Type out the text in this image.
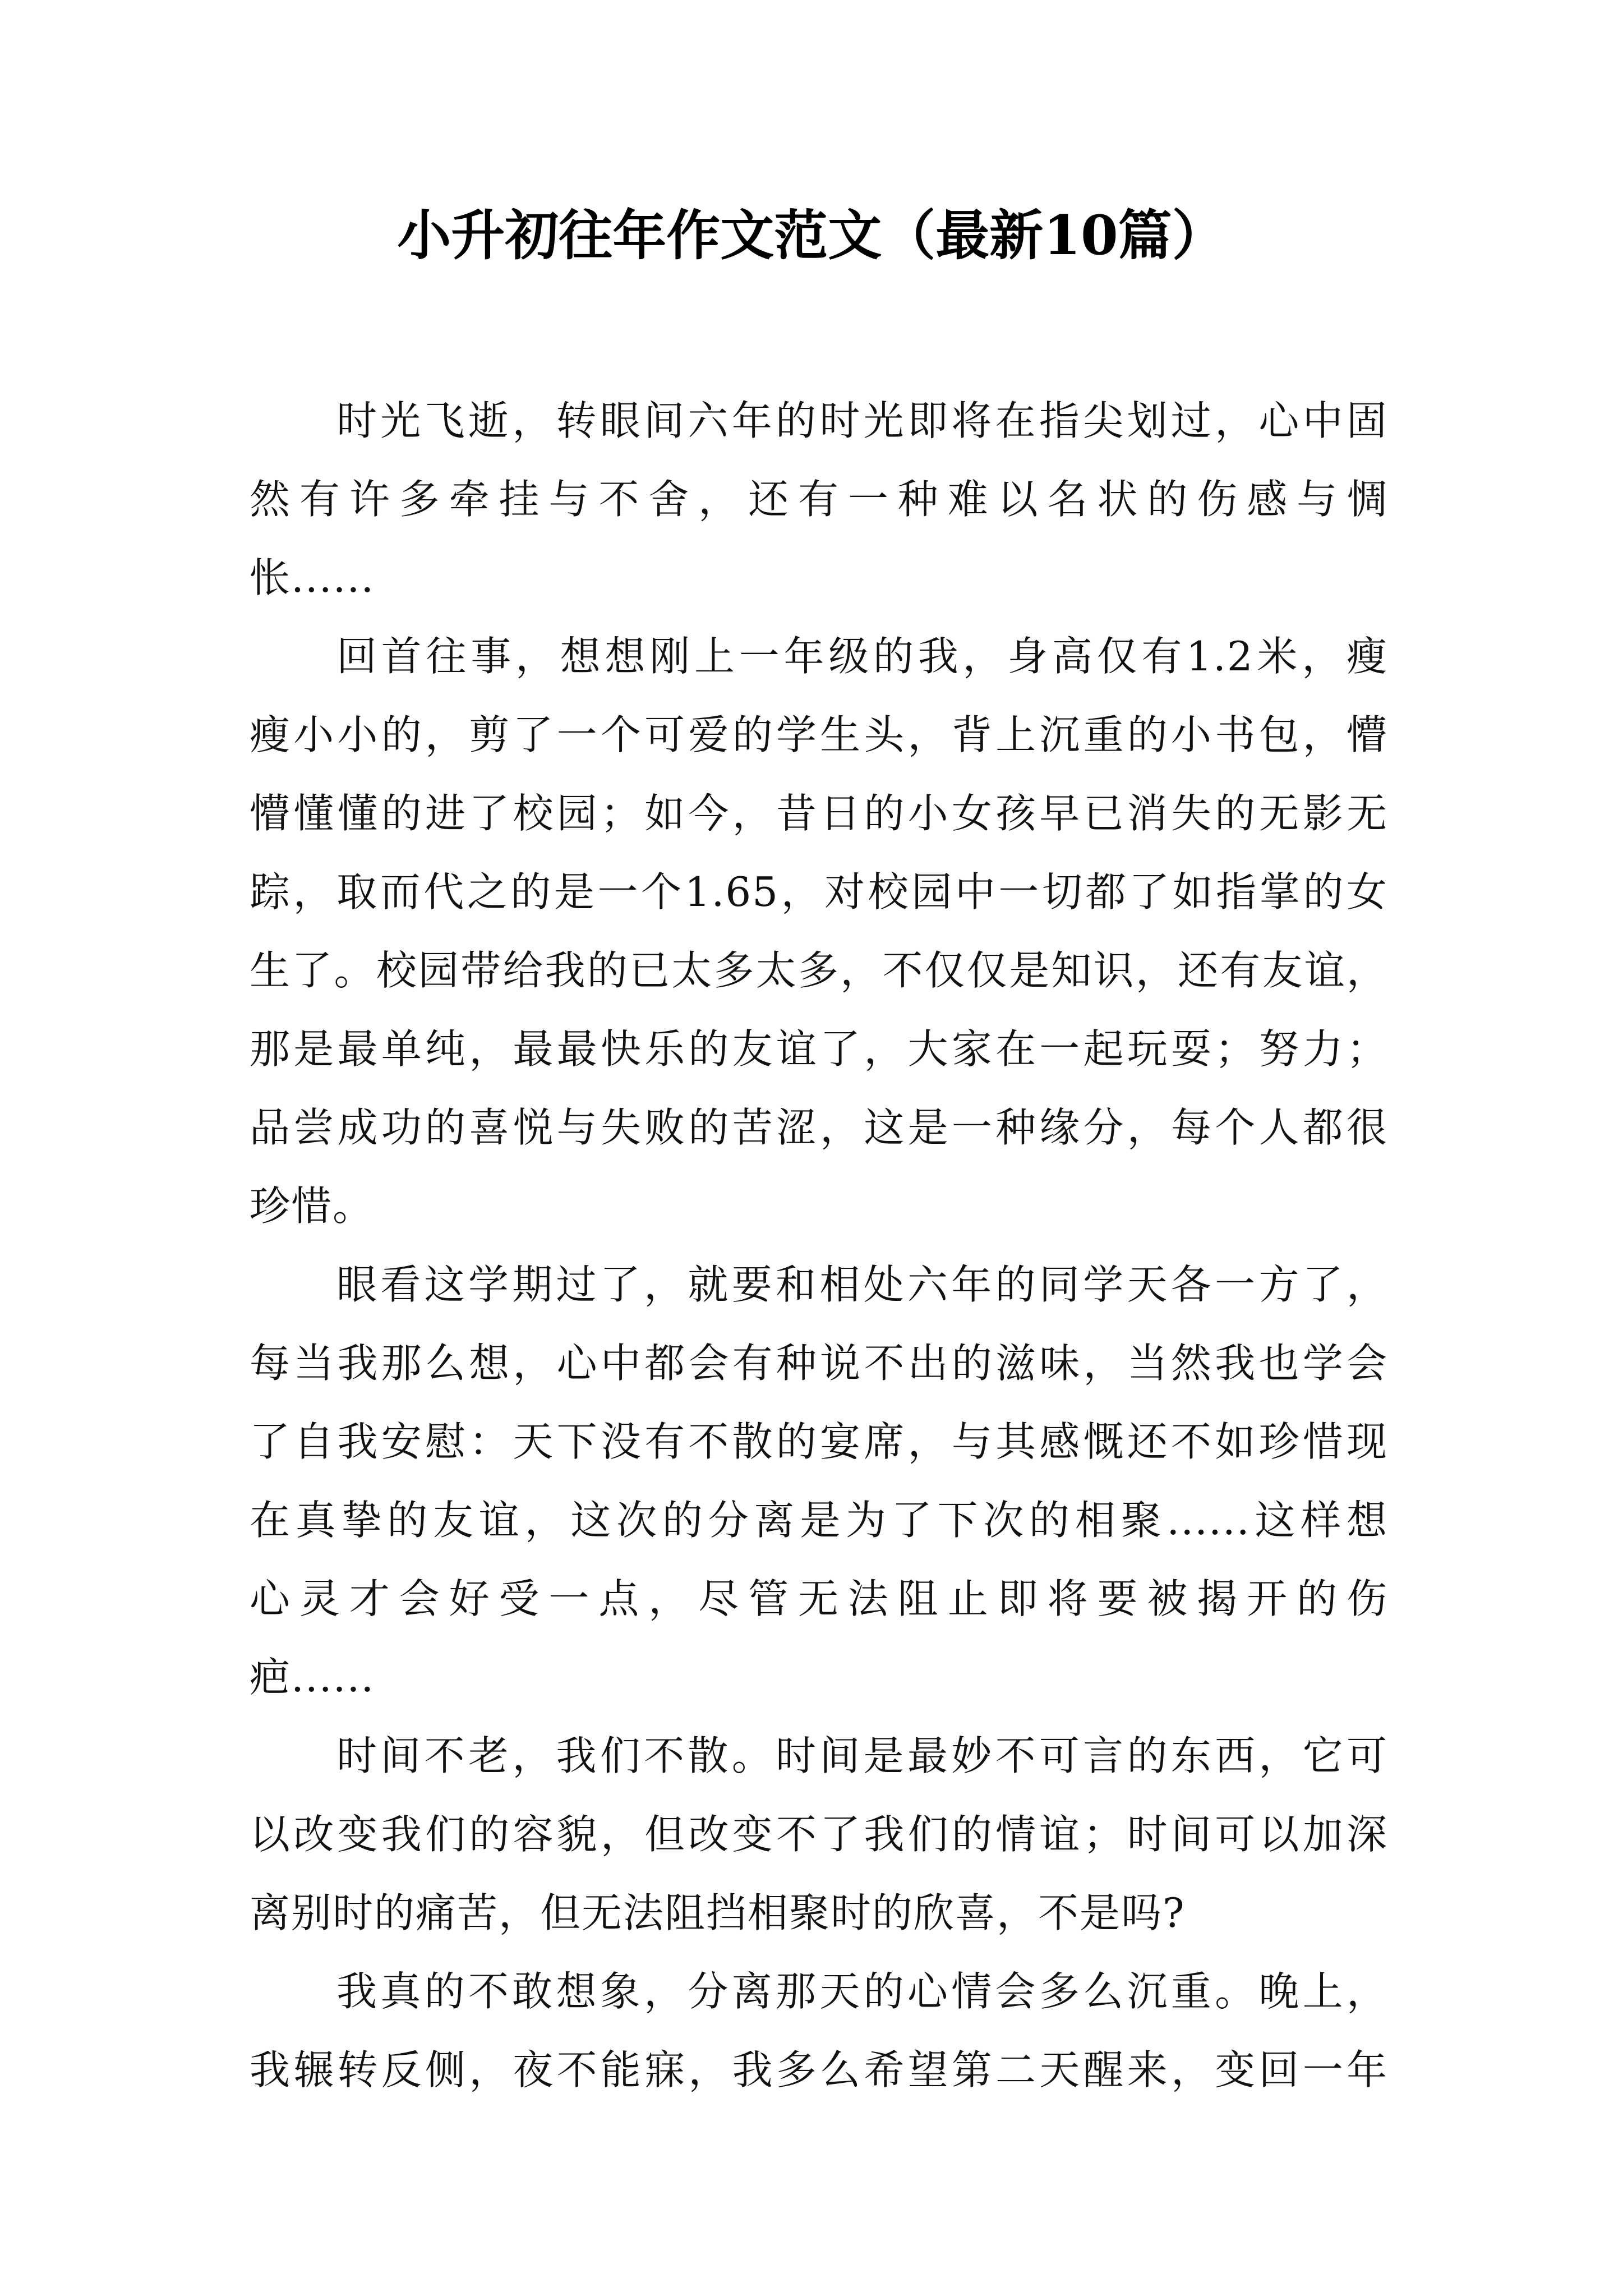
小升初往年作文范文（最新10篇）
时光飞逝，转眼间六年的时光即将在指尖划过，心中固
然有许多牵挂与不舍，还有一种难以名状的伤感与惆
怅......
回首往事，想想刚上一年级的我，身高仅有1.2米，瘦
瘦小小的，剪了一个可爱的学生头，背上沉重的小书包，懵
懵懂懂的进了校园；如今，昔日的小女孩早已消失的无影无
踪，取而代之的是一个1.65，对校园中一切都了如指掌的女
生了。校园带给我的已太多太多，不仅仅是知识，还有友谊，
那是最单纯，最最快乐的友谊了，大家在一起玩耍；努力；
品尝成功的喜悦与失败的苦涩，这是一种缘分，每个人都很
珍惜。
眼看这学期过了，就要和相处六年的同学天各一方了，
每当我那么想，心中都会有种说不出的滋味，当然我也学会
了自我安慰：天下没有不散的宴席，与其感慨还不如珍惜现
在真挚的友谊，这次的分离是为了下次的相聚......这样想
心灵才会好受一点，尽管无法阻止即将要被揭开的伤
疤......
时间不老，我们不散。时间是最妙不可言的东西，它可
以改变我们的容貌，但改变不了我们的情谊；时间可以加深
离别时的痛苦，但无法阻挡相聚时的欣喜，不是吗?
我真的不敢想象，分离那天的心情会多么沉重。晚上，
我辗转反侧，夜不能寐，我多么希望第二天醒来，变回一年
